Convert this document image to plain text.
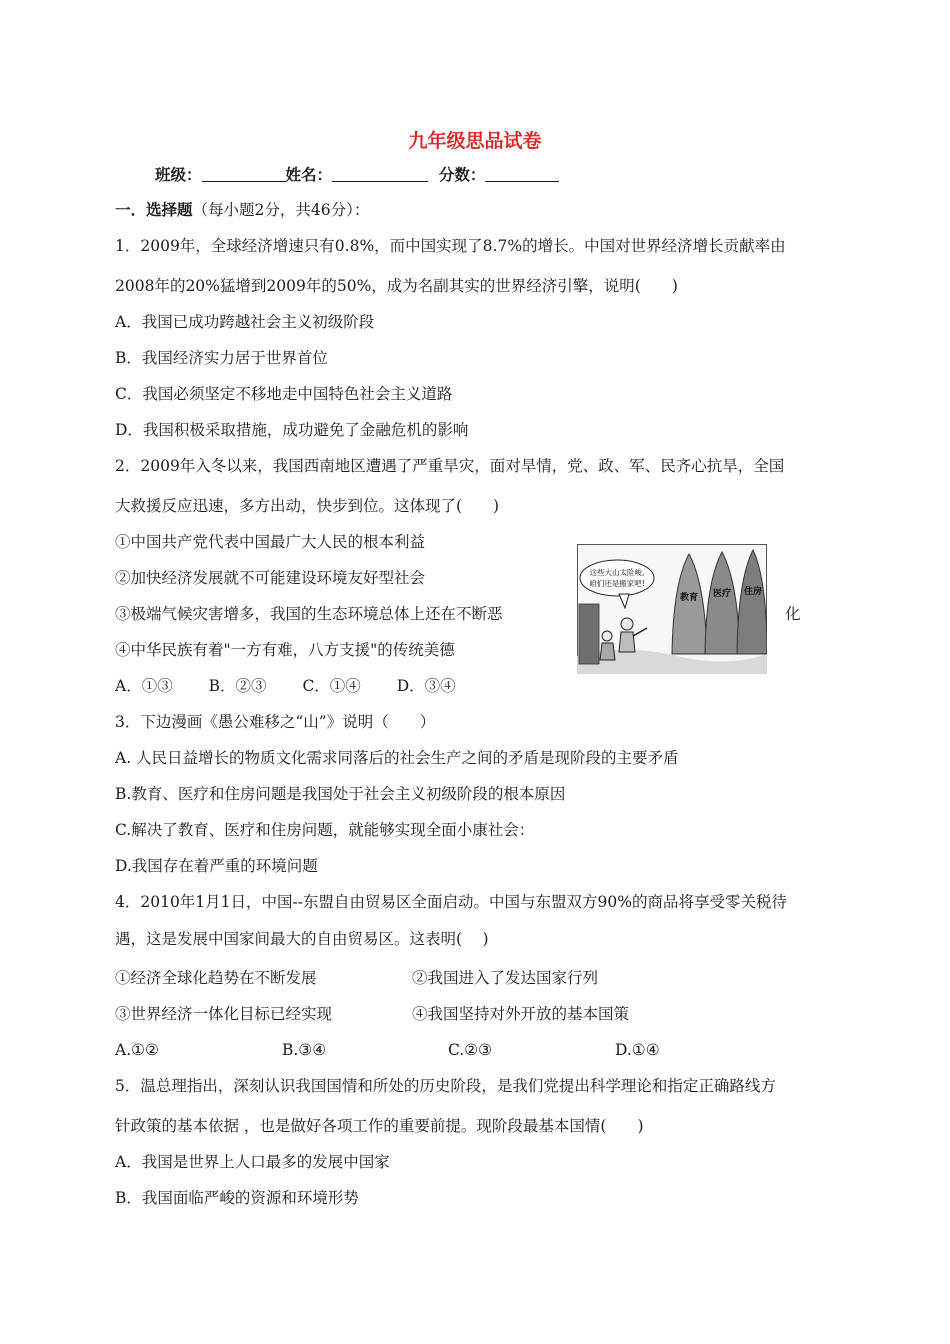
九年级思品试卷
班级：	姓名：	分数：
一．选择题（每小题2分，共46分）：
1．2009年，全球经济增速只有0.8%，而中国实现了8.7%的增长。中国对世界经济增长贡献率由
2008年的20%猛增到2009年的50%，成为名副其实的世界经济引擎，说明(　　)
A．我国已成功跨越社会主义初级阶段
B．我国经济实力居于世界首位
C．我国必须坚定不移地走中国特色社会主义道路
D．我国积极采取措施，成功避免了金融危机的影响
2．2009年入冬以来，我国西南地区遭遇了严重旱灾，面对旱情，党、政、军、民齐心抗旱，全国
大救援反应迅速，多方出动，快步到位。这体现了(　　)
①中国共产党代表中国最广大人民的根本利益
②加快经济发展就不可能建设环境友好型社会
③极端气候灾害增多，我国的生态环境总体上还在不断恶	化
④中华民族有着"一方有难，八方支援"的传统美德
A．①③　　 B．②③　　 C．①④　　 D．③④
教育 医疗 住房
这些大山太险峻,
咱们还是搬家吧!
3．下边漫画《愚公难移之“山”》说明（　　）
A. 人民日益增长的物质文化需求同落后的社会生产之间的矛盾是现阶段的主要矛盾
B.教育、医疗和住房问题是我国处于社会主义初级阶段的根本原因
C.解决了教育、医疗和住房问题，就能够实现全面小康社会：
D.我国存在着严重的环境问题
4．2010年1月1日，中国--东盟自由贸易区全面启动。中国与东盟双方90%的商品将享受零关税待
遇，这是发展中国家间最大的自由贸易区。这表明(　 )
①经济全球化趋势在不断发展	②我国进入了发达国家行列
③世界经济一体化目标已经实现	④我国坚持对外开放的基本国策
A.①②	B.③④	C.②③	D.①④
5．温总理指出，深刻认识我国国情和所处的历史阶段，是我们党提出科学理论和指定正确路线方
针政策的基本依据 ，也是做好各项工作的重要前提。现阶段最基本国情(　　)
A．我国是世界上人口最多的发展中国家
B．我国面临严峻的资源和环境形势
